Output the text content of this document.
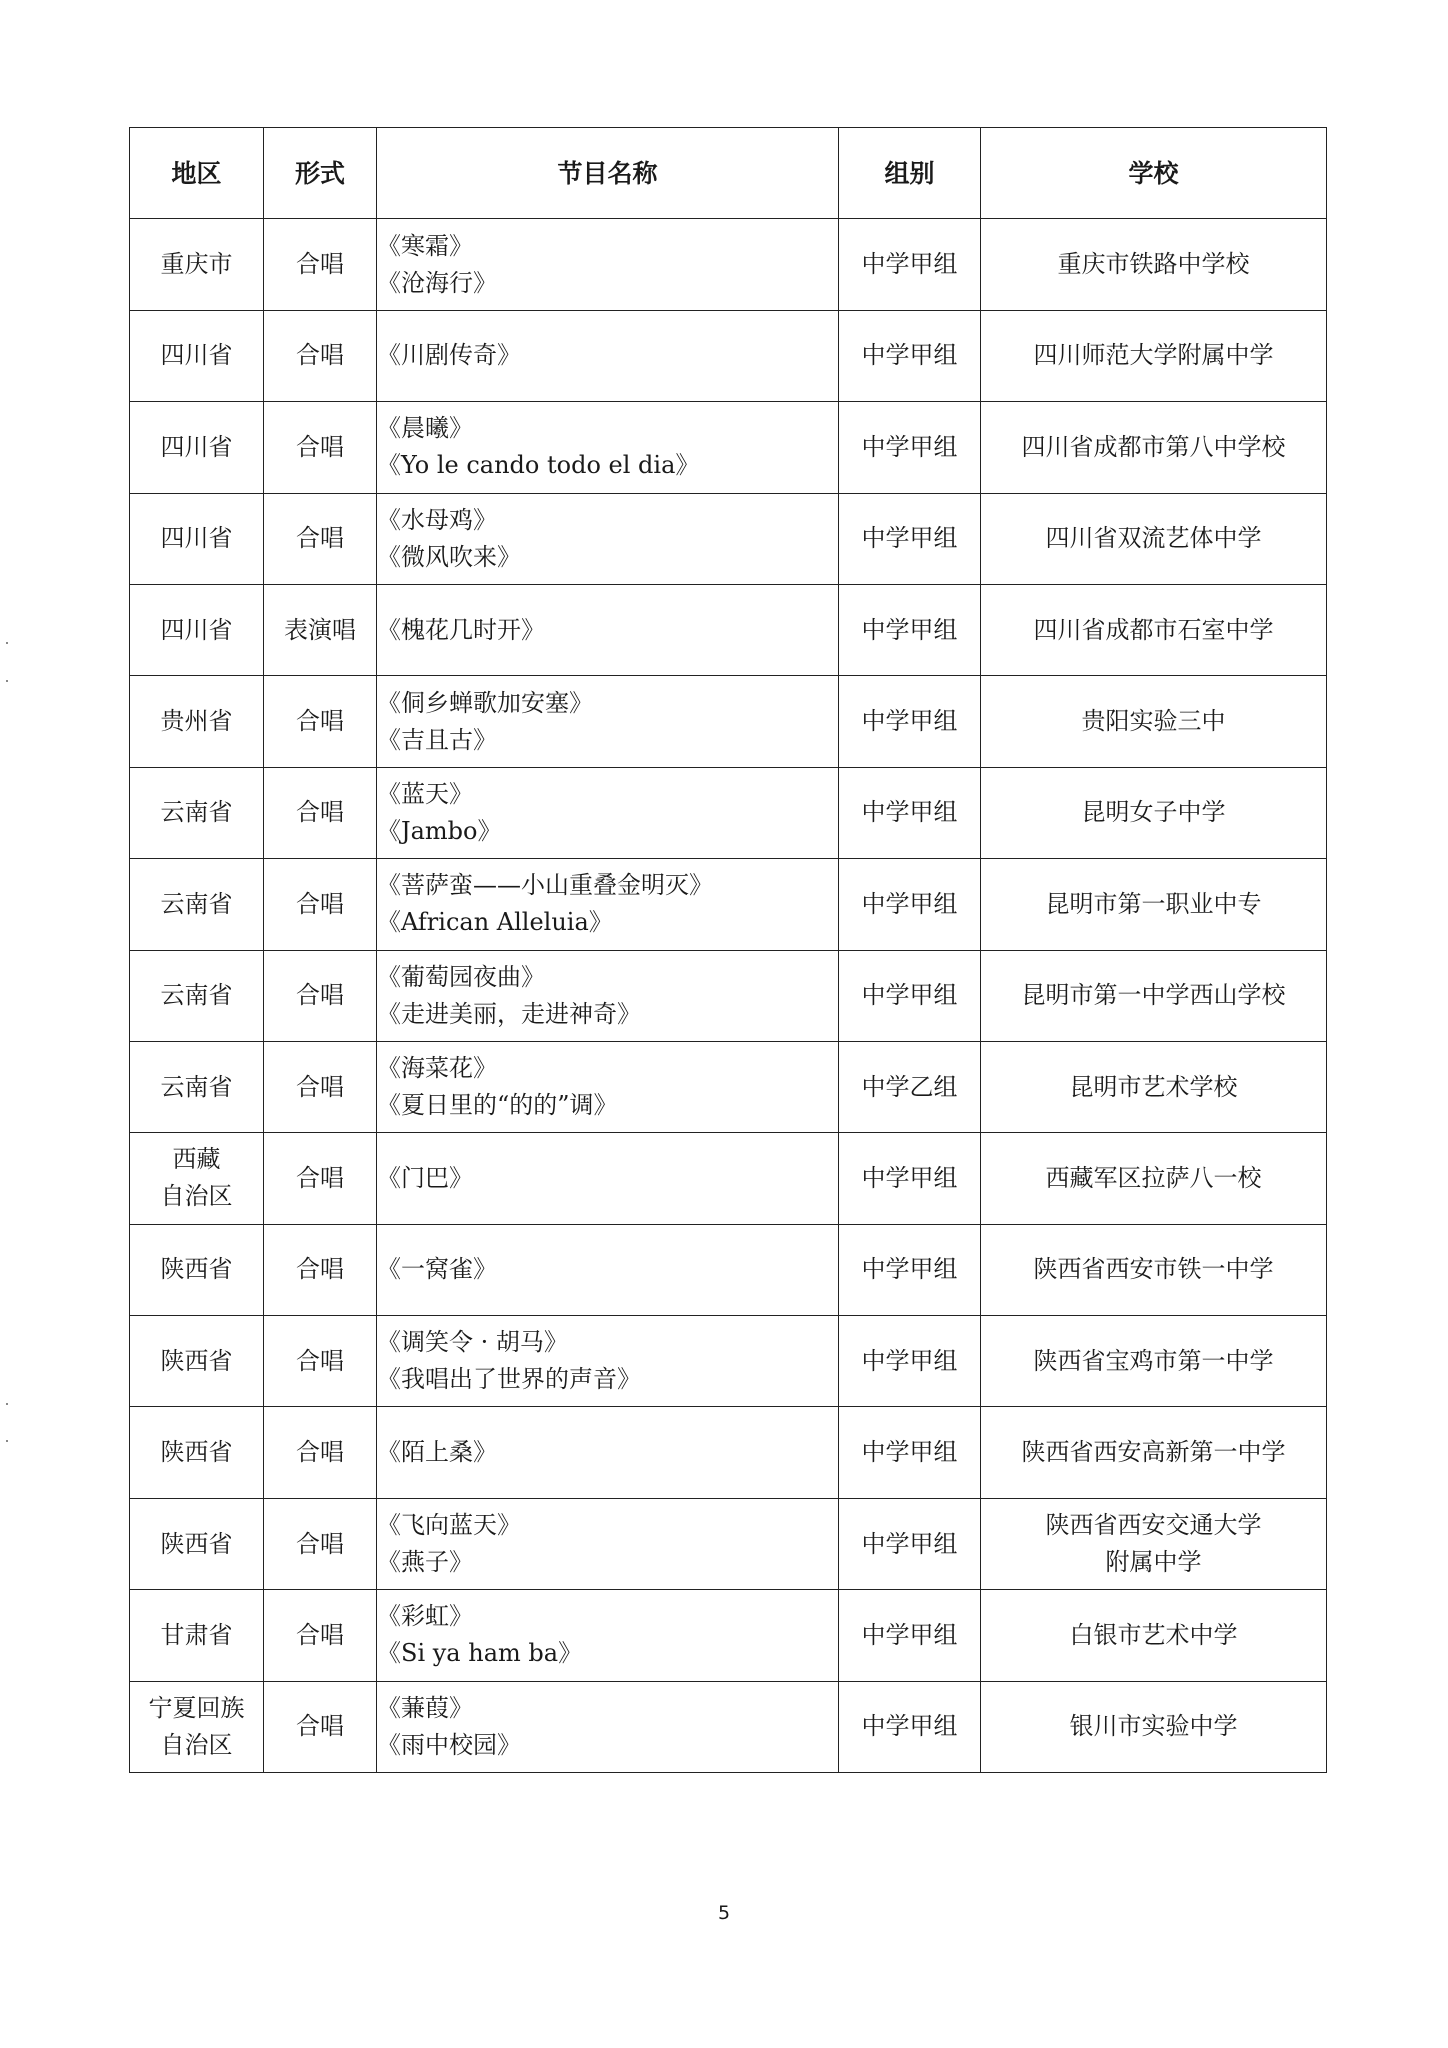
地区	形式	节目名称	组别	学校

重庆市	合唱	《寒霜》
《沧海行》	中学甲组	重庆市铁路中学校

四川省	合唱	《川剧传奇》	中学甲组	四川师范大学附属中学

四川省	合唱	《晨曦》
《Yo le cando todo el dia》	中学甲组	四川省成都市第八中学校

四川省	合唱	《水母鸡》
《微风吹来》	中学甲组	四川省双流艺体中学

四川省	表演唱	《槐花几时开》	中学甲组	四川省成都市石室中学

贵州省	合唱	《侗乡蝉歌加安塞》
《吉且古》	中学甲组	贵阳实验三中

云南省	合唱	《蓝天》
《Jambo》	中学甲组	昆明女子中学

云南省	合唱	《菩萨蛮——小山重叠金明灭》
《African Alleluia》	中学甲组	昆明市第一职业中专

云南省	合唱	《葡萄园夜曲》
《走进美丽，走进神奇》	中学甲组	昆明市第一中学西山学校

云南省	合唱	《海菜花》
《夏日里的“的的”调》	中学乙组	昆明市艺术学校

西藏
自治区	合唱	《门巴》	中学甲组	西藏军区拉萨八一校

陕西省	合唱	《一窝雀》	中学甲组	陕西省西安市铁一中学

陕西省	合唱	《调笑令 · 胡马》
《我唱出了世界的声音》	中学甲组	陕西省宝鸡市第一中学

陕西省	合唱	《陌上桑》	中学甲组	陕西省西安高新第一中学

陕西省	合唱	《飞向蓝天》
《燕子》	中学甲组	陕西省西安交通大学
附属中学

甘肃省	合唱	《彩虹》
《Si ya ham ba》	中学甲组	白银市艺术中学

宁夏回族
自治区	合唱	《蒹葭》
《雨中校园》	中学甲组	银川市实验中学
5
